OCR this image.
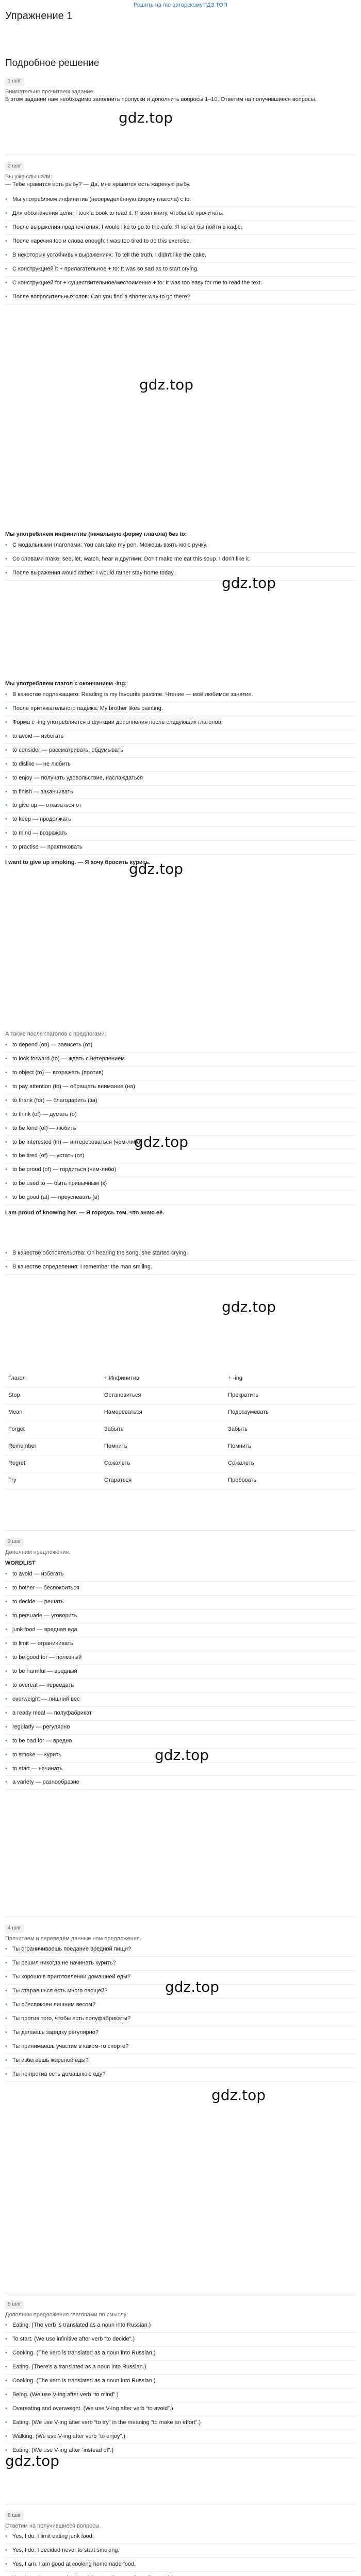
Решить на /по авторскому ГДЗ.ТОП
Упражнение 1
Подробное решение
1 шаг
Внимательно прочитаем задание.
В этом задании нам необходимо заполнить пропуски и дополнить вопросы 1–10. Ответим на получившиеся вопросы.
gdz.top
2 шаг
Вы уже слышали:
— Тебе нравится есть рыбу? — Да, мне нравится есть жареную рыбу.
• Мы употребляем инфинитив (неопределённую форму глагола) с to:
• Для обозначения цели: I took a book to read it. Я взял книгу, чтобы её прочитать.
• После выражения предпочтения: I would like to go to the cafe. Я хотел бы пойти в кафе.
• После наречия too и слова enough: I was too tired to do this exercise.
• В некоторых устойчивых выражениях: To tell the truth, I didn't like the cake.
• С конструкцией it + прилагательное + to: It was so sad as to start crying.
• С конструкцией for + существительное/местоимение + to: It was too easy for me to read the text.
• После вопросительных слов: Can you find a shorter way to go there?
gdz.top
Мы употребляем инфинитив (начальную форму глагола) без to:
• С модальными глаголами: You can take my pen. Можешь взять мою ручку.
• Со словами make, see, let, watch, hear и другими: Don't make me eat this soup. I don't like it.
• После выражения would rather: I would rather stay home today.
gdz.top
Мы употребляем глагол с окончанием -ing:
• В качестве подлежащего: Reading is my favourite pastime. Чтение — моё любимое занятие.
• После притяжательного падежа: My brother likes painting.
• Форма с -ing употребляется в функции дополнения после следующих глаголов:
• to avoid — избегать
• to consider — рассматривать, обдумывать
• to dislike — не любить
• to enjoy — получать удовольствие, наслаждаться
• to finish — заканчивать
• to give up — отказаться от
• to keep — продолжать
• to mind — возражать
• to practise — практиковать
I want to give up smoking. — Я хочу бросить курить.
gdz.top
А также после глаголов с предлогами:
• to depend (on) — зависеть (от)
• to look forward (to) — ждать с нетерпением
• to object (to) — возражать (против)
• to pay attention (to) — обращать внимание (на)
• to thank (for) — благодарить (за)
• to think (of) — думать (о)
• to be fond (of) — любить
• to be interested (in) — интересоваться (чем-либо)
• to be tired (of) — устать (от)
• to be proud (of) — гордиться (чем-либо)
• to be used to — быть привычным (к)
• to be good (at) — преуспевать (в)
I am proud of knowing her. — Я горжусь тем, что знаю её.
gdz.top
• В качестве обстоятельства: On hearing the song, she started crying.
• В качестве определения: I remember the man smiling.
gdz.top
Глагол	+ Инфинитив	+ -ing
Stop	Остановиться	Прекратить
Mean	Намереваться	Подразумевать
Forget	Забыть	Забыть
Remember	Помнить	Помнить
Regret	Сожалеть	Сожалеть
Try	Стараться	Пробовать
3 шаг
Дополним предложения:
WORDLIST
• to avoid — избегать
• to bother — беспокоиться
• to decide — решать
• to persuade — уговорить
• junk food — вредная еда
• to limit — ограничивать
• to be good for — полезный
• to be harmful — вредный
• to overeat — переедать
• overweight — лишний вес
• a ready meal — полуфабрикат
• regularly — регулярно
• to be bad for — вредно
• to smoke — курить
• to start — начинать
• a variety — разнообразие
gdz.top
4 шаг
Прочитаем и переведём данные нам предложения.
• Ты ограничиваешь поедание вредной пищи?
• Ты решил никогда не начинать курить?
• Ты хорошо в приготовлении домашней еды?
• Ты стараешься есть много овощей?
• Ты обеспокоен лишним весом?
• Ты против того, чтобы есть полуфабрикаты?
• Ты делаешь зарядку регулярно?
• Ты принимаешь участие в каком-то спорте?
• Ты избегаешь жареной еды?
• Ты не против есть домашнюю еду?
gdz.top
gdz.top
5 шаг
Дополним предложения глаголами по смыслу:
• Eating. (The verb is translated as a noun into Russian.)
• To start. (We use infinitive after verb “to decide”.)
• Cooking. (The verb is translated as a noun into Russian.)
• Eating. (There's a translated as a noun into Russian.)
• Cooking. (The verb is translated as a noun into Russian.)
• Being. (We use V-ing after verb “to mind”.)
• Overeating and overweight. (We use V-ing after verb “to avoid”.)
• Eating. (We use V-ing after verb “to try” in the meaning “to make an effort”.)
• Walking. (We use V-ing after verb “to enjoy”.)
• Eating. (We use V-ing after “instead of”.)
gdz.top
6 шаг
Ответим на получившиеся вопросы.
• Yes, I do. I limit eating junk food.
• Yes, I do. I decided never to start smoking.
• Yes, I am. I am good at cooking homemade food.
